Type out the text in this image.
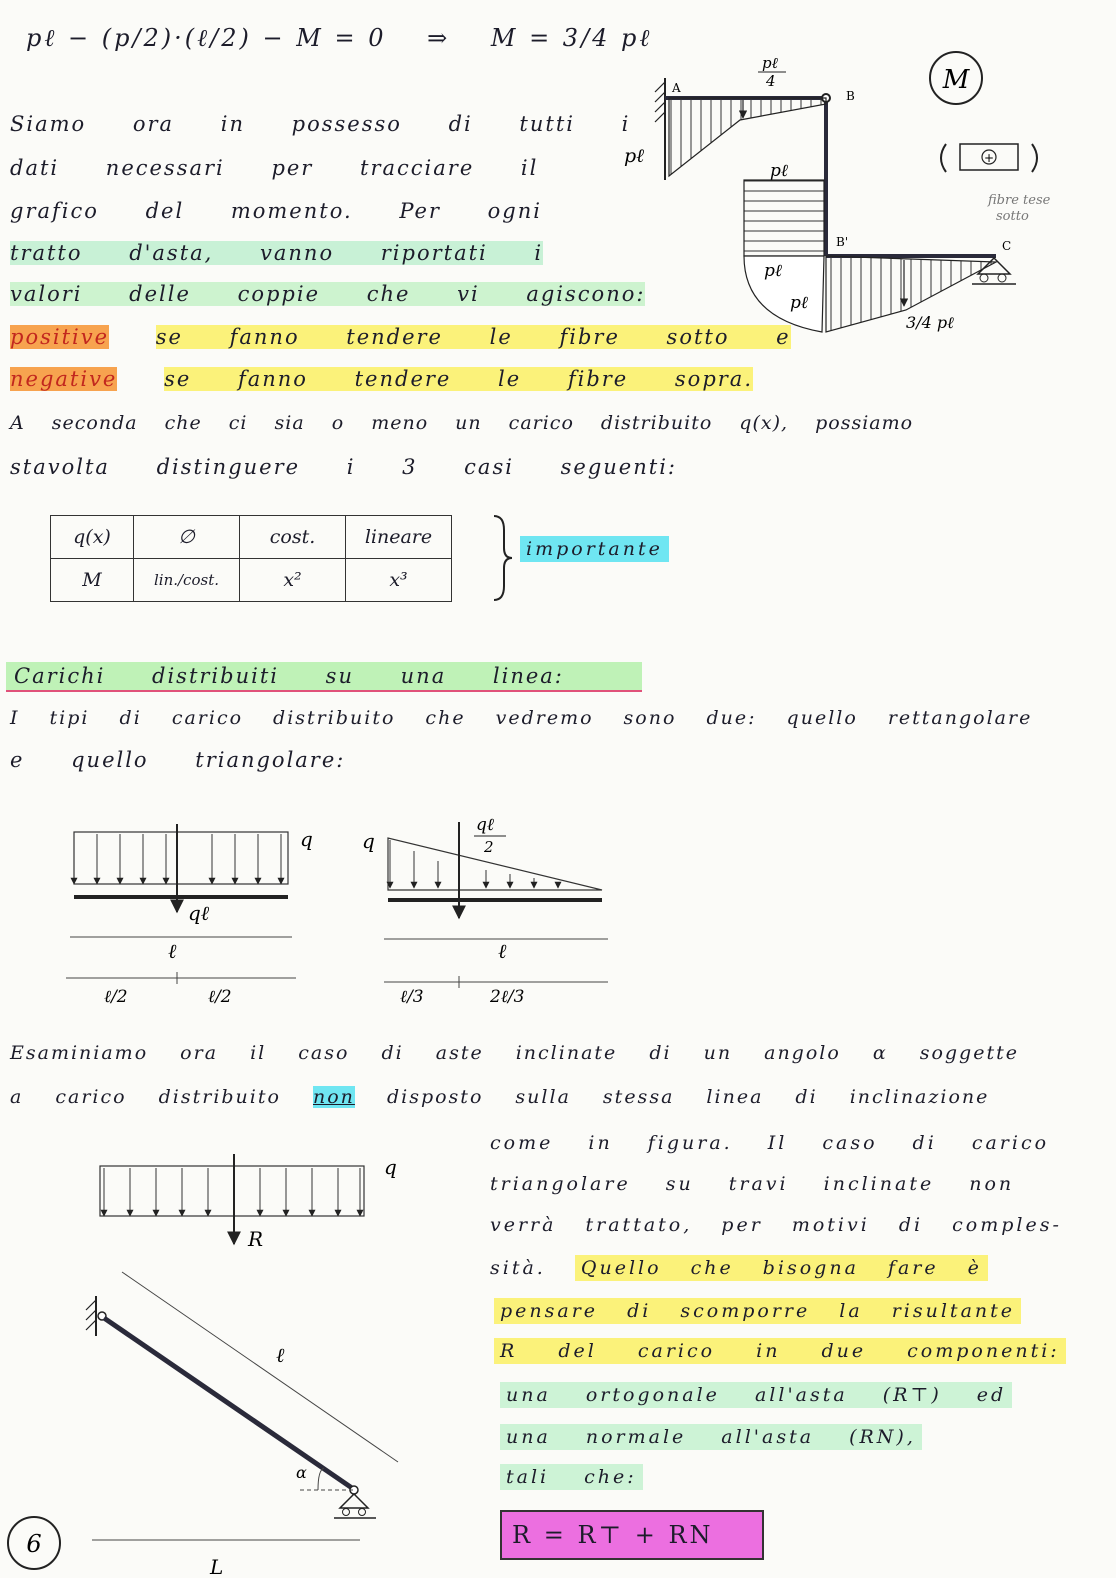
pℓ − (p/2)·(ℓ/2) − M = 0 ⇒ M = 3/4 pℓ
Siamo ora in possesso di tutti i
dati necessari per tracciare il
grafico del momento. Per ogni
tratto d'asta, vanno riportati i
valori delle coppie che vi agiscono:
positive se fanno tendere le fibre sotto e
negative se fanno tendere le fibre sopra.
A seconda che ci sia o meno un carico distribuito q(x), possiamo
stavolta distinguere i 3 casi seguenti:
q(x)	∅	cost.	lineare
M	lin./cost.	x²	x³
importante
Carichi distribuiti su una linea:
I tipi di carico distribuito che vedremo sono due: quello rettangolare
e quello triangolare:
Esaminiamo ora il caso di aste inclinate di un angolo α soggette
a carico distribuito non disposto sulla stessa linea di inclinazione
come in figura. Il caso di carico
triangolare su travi inclinate non
verrà trattato, per motivi di comples-
sità. Quello che bisogna fare è
pensare di scomporre la risultante
R del carico in due componenti:
una ortogonale all'asta (R⊤) ed
una normale all'asta (RN),
tali che:
R = R⊤ + RN
M
pℓ
pℓ
4
pℓ
pℓ
pℓ
3/4 pℓ
A
B
B'	C
+
fibre tese
sotto
q
qℓ
ℓ
ℓ/2	ℓ/2
q
qℓ
2
ℓ
ℓ/3	2ℓ/3
q
R
ℓ
α
L
6
